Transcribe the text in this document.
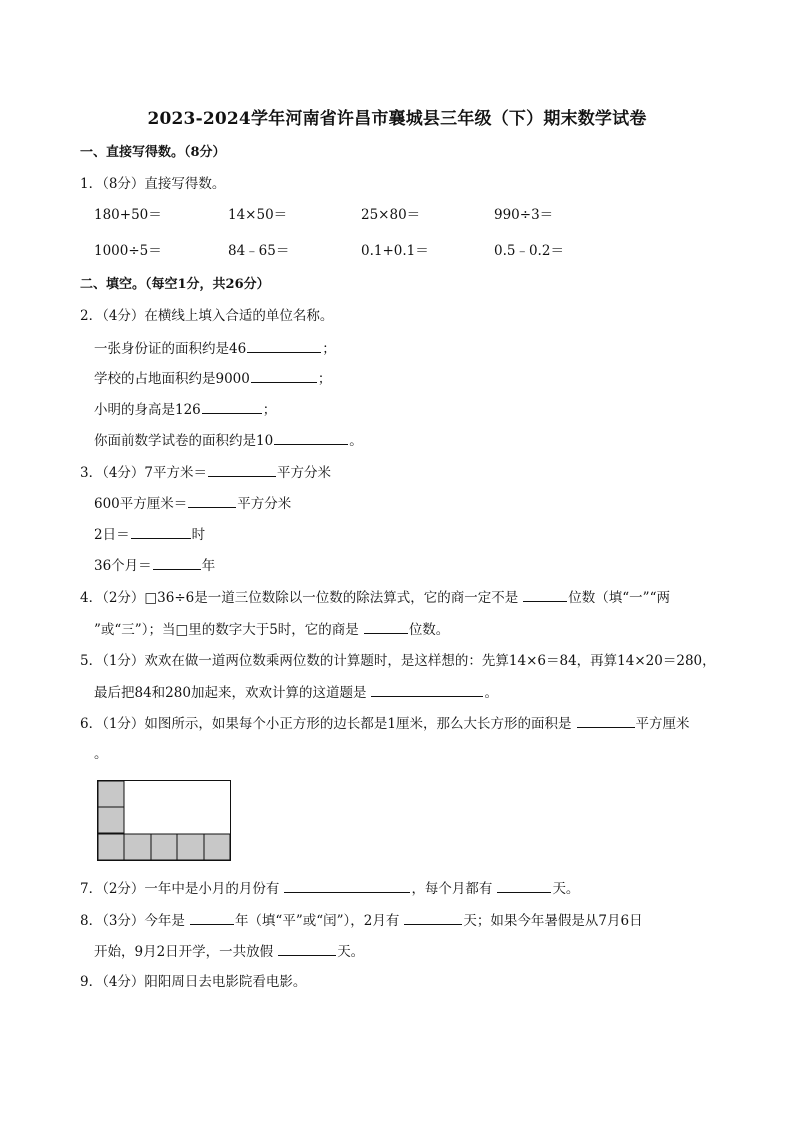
2023-2024学年河南省许昌市襄城县三年级（下）期末数学试卷
一、直接写得数。（8分）
1．（8分）直接写得数。
180+50＝	14×50＝	25×80＝	990÷3＝
1000÷5＝	84﹣65＝	0.1+0.1＝	0.5﹣0.2＝
二、填空。（每空1分，共26分）
2．（4分）在横线上填入合适的单位名称。
一张身份证的面积约是46	；
学校的占地面积约是9000	；
小明的身高是126	；
你面前数学试卷的面积约是10	。
3．（4分）7平方米＝	平方分米
600平方厘米＝	平方分米
2日＝	时
36个月＝	年
4．（2分）□36÷6是一道三位数除以一位数的除法算式，它的商一定不是	位数（填“一”“两
”或“三”）；当□里的数字大于5时，它的商是	位数。
5．（1分）欢欢在做一道两位数乘两位数的计算题时，是这样想的：先算14×6＝84，再算14×20＝280，
最后把84和280加起来，欢欢计算的这道题是	。
6．（1分）如图所示，如果每个小正方形的边长都是1厘米，那么大长方形的面积是	平方厘米
。
7．（2分）一年中是小月的月份有	，每个月都有	天。
8．（3分）今年是	年（填“平”或“闰”），2月有	天；如果今年暑假是从7月6日
开始，9月2日开学，一共放假	天。
9．（4分）阳阳周日去电影院看电影。
